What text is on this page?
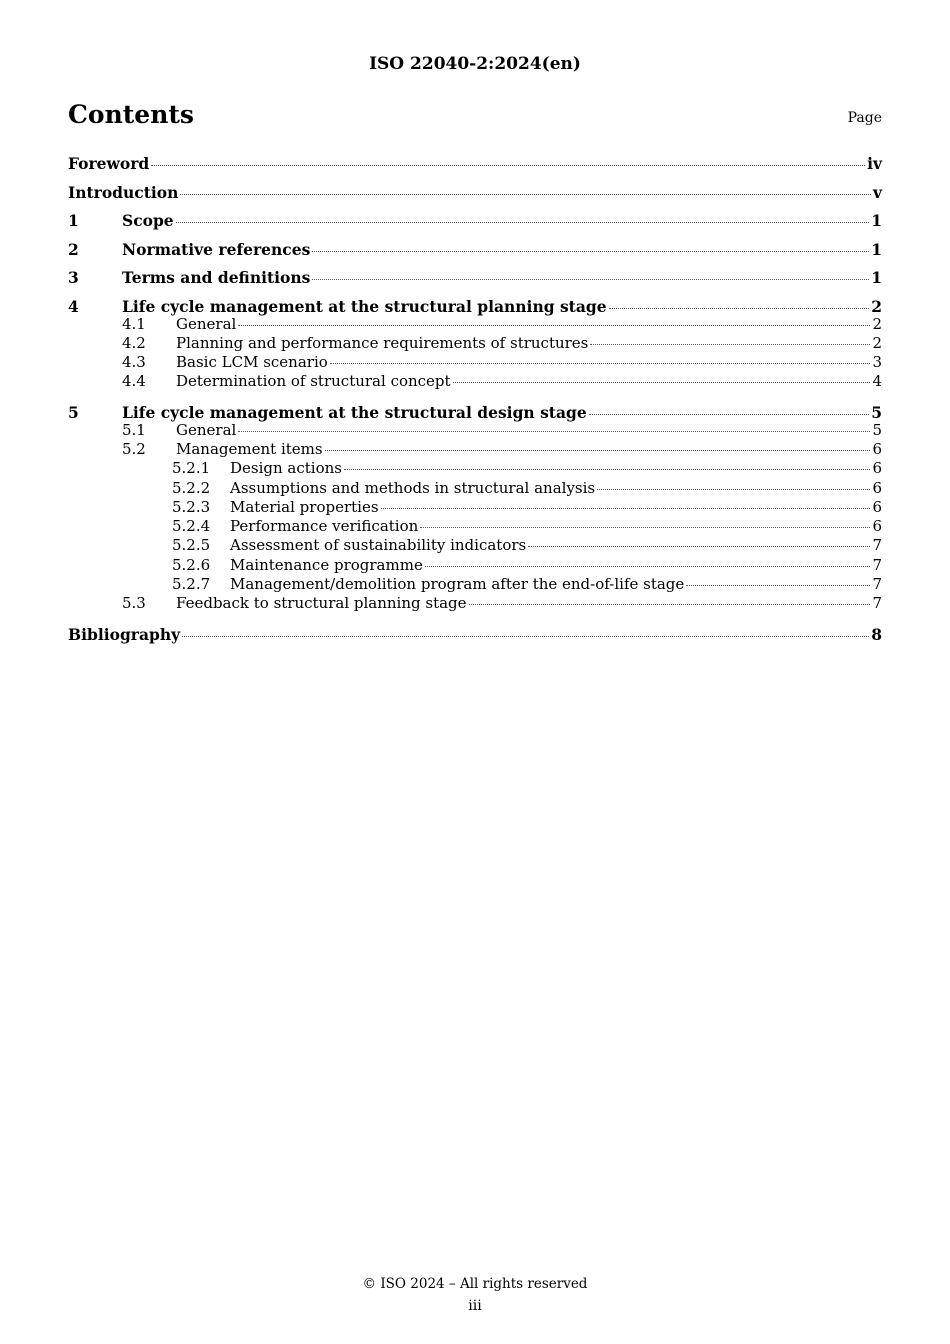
ISO 22040-2:2024(en)
Contents	Page
Foreword	iv
Introduction	v
1	Scope	1
2	Normative references	1
3	Terms and definitions	1
4	Life cycle management at the structural planning stage	2
4.1	General	2
4.2	Planning and performance requirements of structures	2
4.3	Basic LCM scenario	3
4.4	Determination of structural concept	4
5	Life cycle management at the structural design stage	5
5.1	General	5
5.2	Management items	6
5.2.1	Design actions	6
5.2.2	Assumptions and methods in structural analysis	6
5.2.3	Material properties	6
5.2.4	Performance verification	6
5.2.5	Assessment of sustainability indicators	7
5.2.6	Maintenance programme	7
5.2.7	Management/demolition program after the end-of-life stage	7
5.3	Feedback to structural planning stage	7
Bibliography	8
© ISO 2024 – All rights reserved
iii
